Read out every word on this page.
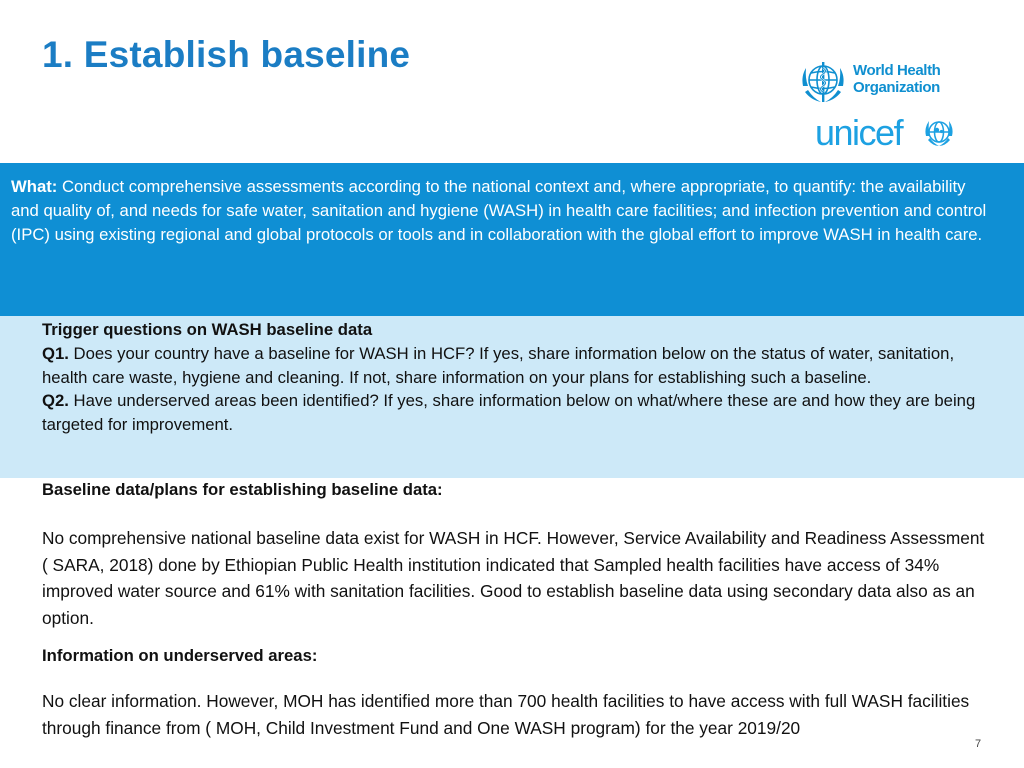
1. Establish baseline	World Health
Organization
unicef
What: Conduct comprehensive assessments according to the national context and, where appropriate, to quantify: the availability and quality of, and needs for safe water, sanitation and hygiene (WASH) in health care facilities; and infection prevention and control (IPC) using existing regional and global protocols or tools and in collaboration with the global effort to improve WASH in health care.
Trigger questions on WASH baseline data
Q1. Does your country have a baseline for WASH in HCF? If yes, share information below on the status of water, sanitation, health care waste, hygiene and cleaning. If not, share information on your plans for establishing such a baseline.
Q2. Have underserved areas been identified? If yes, share information below on what/where these are and how they are being targeted for improvement.
Baseline data/plans for establishing baseline data:

No comprehensive national baseline data exist for WASH in HCF. However, Service Availability and Readiness Assessment ( SARA, 2018) done by Ethiopian Public Health institution indicated that Sampled health facilities have access of 34% improved water source and 61% with sanitation facilities. Good to establish baseline data using secondary data also as an option.

Information on underserved areas:

No clear information. However, MOH has identified more than 700 health facilities to have access with full WASH facilities through finance from ( MOH, Child Investment Fund and One WASH program) for the year 2019/20

7
